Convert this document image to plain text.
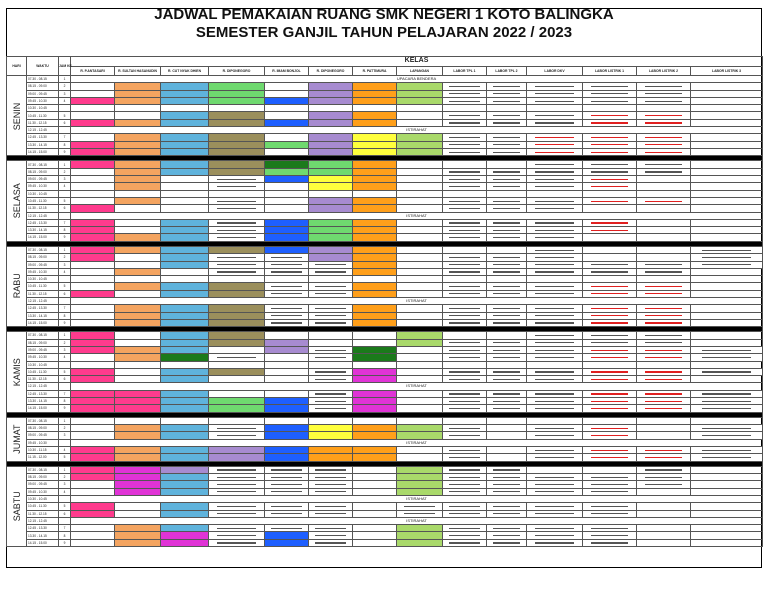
JADWAL PEMAKAIAN RUANG SMK NEGERI 1 KOTO BALINGKA
SEMESTER GANJIL TAHUN PELAJARAN 2022 / 2023
HARI	WAKTU	JAM KE	KELAS													
			R. P.ANTASARI	R. SULTAN HASANUDIN	R. CUT NYAK DHIEN	R. DIPONEGORO	R. IMAM BONJOL	R. DIPONEGORO	R. PATTIMURA	LAPANGAN	LABOR TPL 1	LABOR TPL 2	LABOR DKV	LABOR LISTRIK 1	LABOR LISTRIK 2	LABOR LISTRIK 3
SENIN	07.30 - 08.15	1	UPACARA BENDERA													
	08.15 - 09.00	2														
	09.00 - 09.45	3														
	09.45 - 10.30	4														
	10.30 - 10.45															
	10.45 - 11.30	5														
	11.30 - 12.15	6														
	12.15 - 12.45		ISTIRAHAT													
	12.45 - 13.30	7														
	13.30 - 14.15	8														
	14.15 - 15.00	9														

SELASA	07.30 - 08.15	1														
	08.15 - 09.00	2														
	09.00 - 09.45	3														
	09.45 - 10.30	4														
	10.30 - 10.45															
	10.45 - 11.30	5														
	11.30 - 12.15	6														
	12.15 - 12.45		ISTIRAHAT													
	12.45 - 13.30	7														
	13.30 - 14.15	8														
	14.15 - 15.00	9														

RABU	07.30 - 08.15	1														
	08.15 - 09.00	2														
	09.00 - 09.45	3														
	09.45 - 10.30	4														
	10.30 - 10.45															
	10.45 - 11.30	5														
	11.30 - 12.15	6														
	12.15 - 12.45		ISTIRAHAT													
	12.45 - 13.30	7														
	13.30 - 14.15	8														
	14.15 - 15.00	9														

KAMIS	07.30 - 08.15	1														
	08.15 - 09.00	2														
	09.00 - 09.45	3														
	09.45 - 10.30	4														
	10.30 - 10.45															
	10.45 - 11.30	5														
	11.30 - 12.15	6														
	12.15 - 12.45		ISTIRAHAT													
	12.45 - 13.30	7														
	13.30 - 14.15	8														
	14.15 - 15.00	9														

JUMAT	07.30 - 08.15	1														
	08.15 - 09.00	2														
	09.00 - 09.45	3														
	09.45 - 10.30		ISTIRAHAT													
	10.30 - 11.15	4														
	11.15 - 12.00	5														

SABTU	07.30 - 08.15	1														
	08.15 - 09.00	2														
	09.00 - 09.45	3														
	09.45 - 10.30	4														
	10.30 - 10.45		ISTIRAHAT													
	10.45 - 11.30	5														
	11.30 - 12.15	6														
	12.15 - 12.45		ISTIRAHAT													
	12.45 - 13.30	7														
	13.30 - 14.15	8														
	14.15 - 15.00	9														
